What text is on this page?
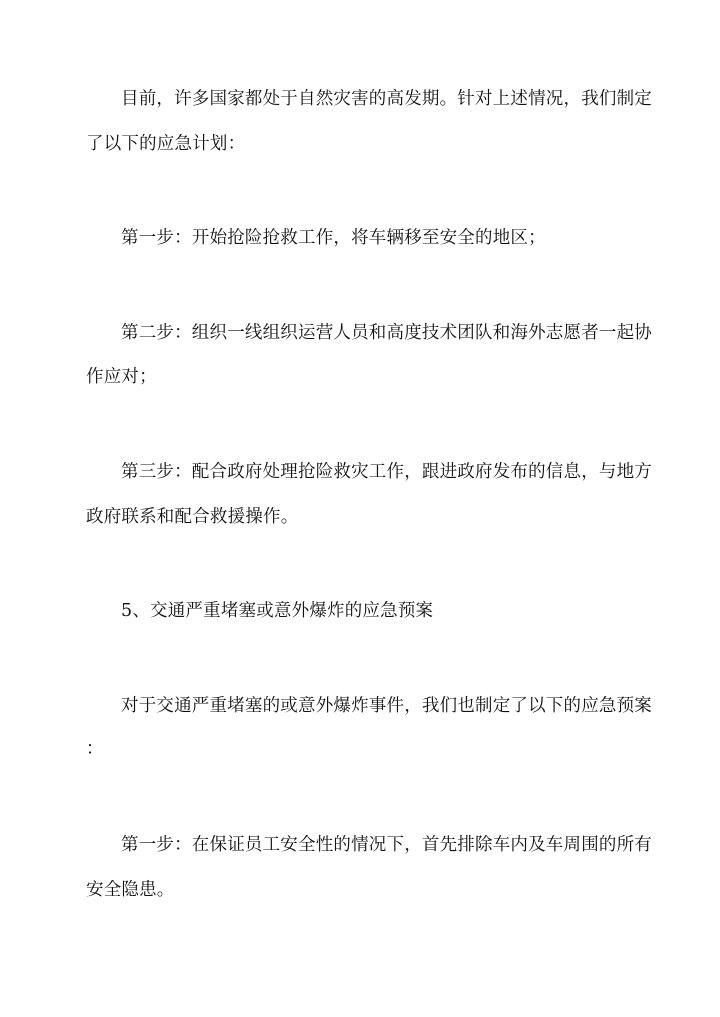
目前，许多国家都处于自然灾害的高发期。针对上述情况，我们制定
了以下的应急计划：
第一步：开始抢险抢救工作，将车辆移至安全的地区；
第二步：组织一线组织运营人员和高度技术团队和海外志愿者一起协
作应对；
第三步：配合政府处理抢险救灾工作，跟进政府发布的信息，与地方
政府联系和配合救援操作。
5、交通严重堵塞或意外爆炸的应急预案
对于交通严重堵塞的或意外爆炸事件，我们也制定了以下的应急预案
：
第一步：在保证员工安全性的情况下，首先排除车内及车周围的所有
安全隐患。
